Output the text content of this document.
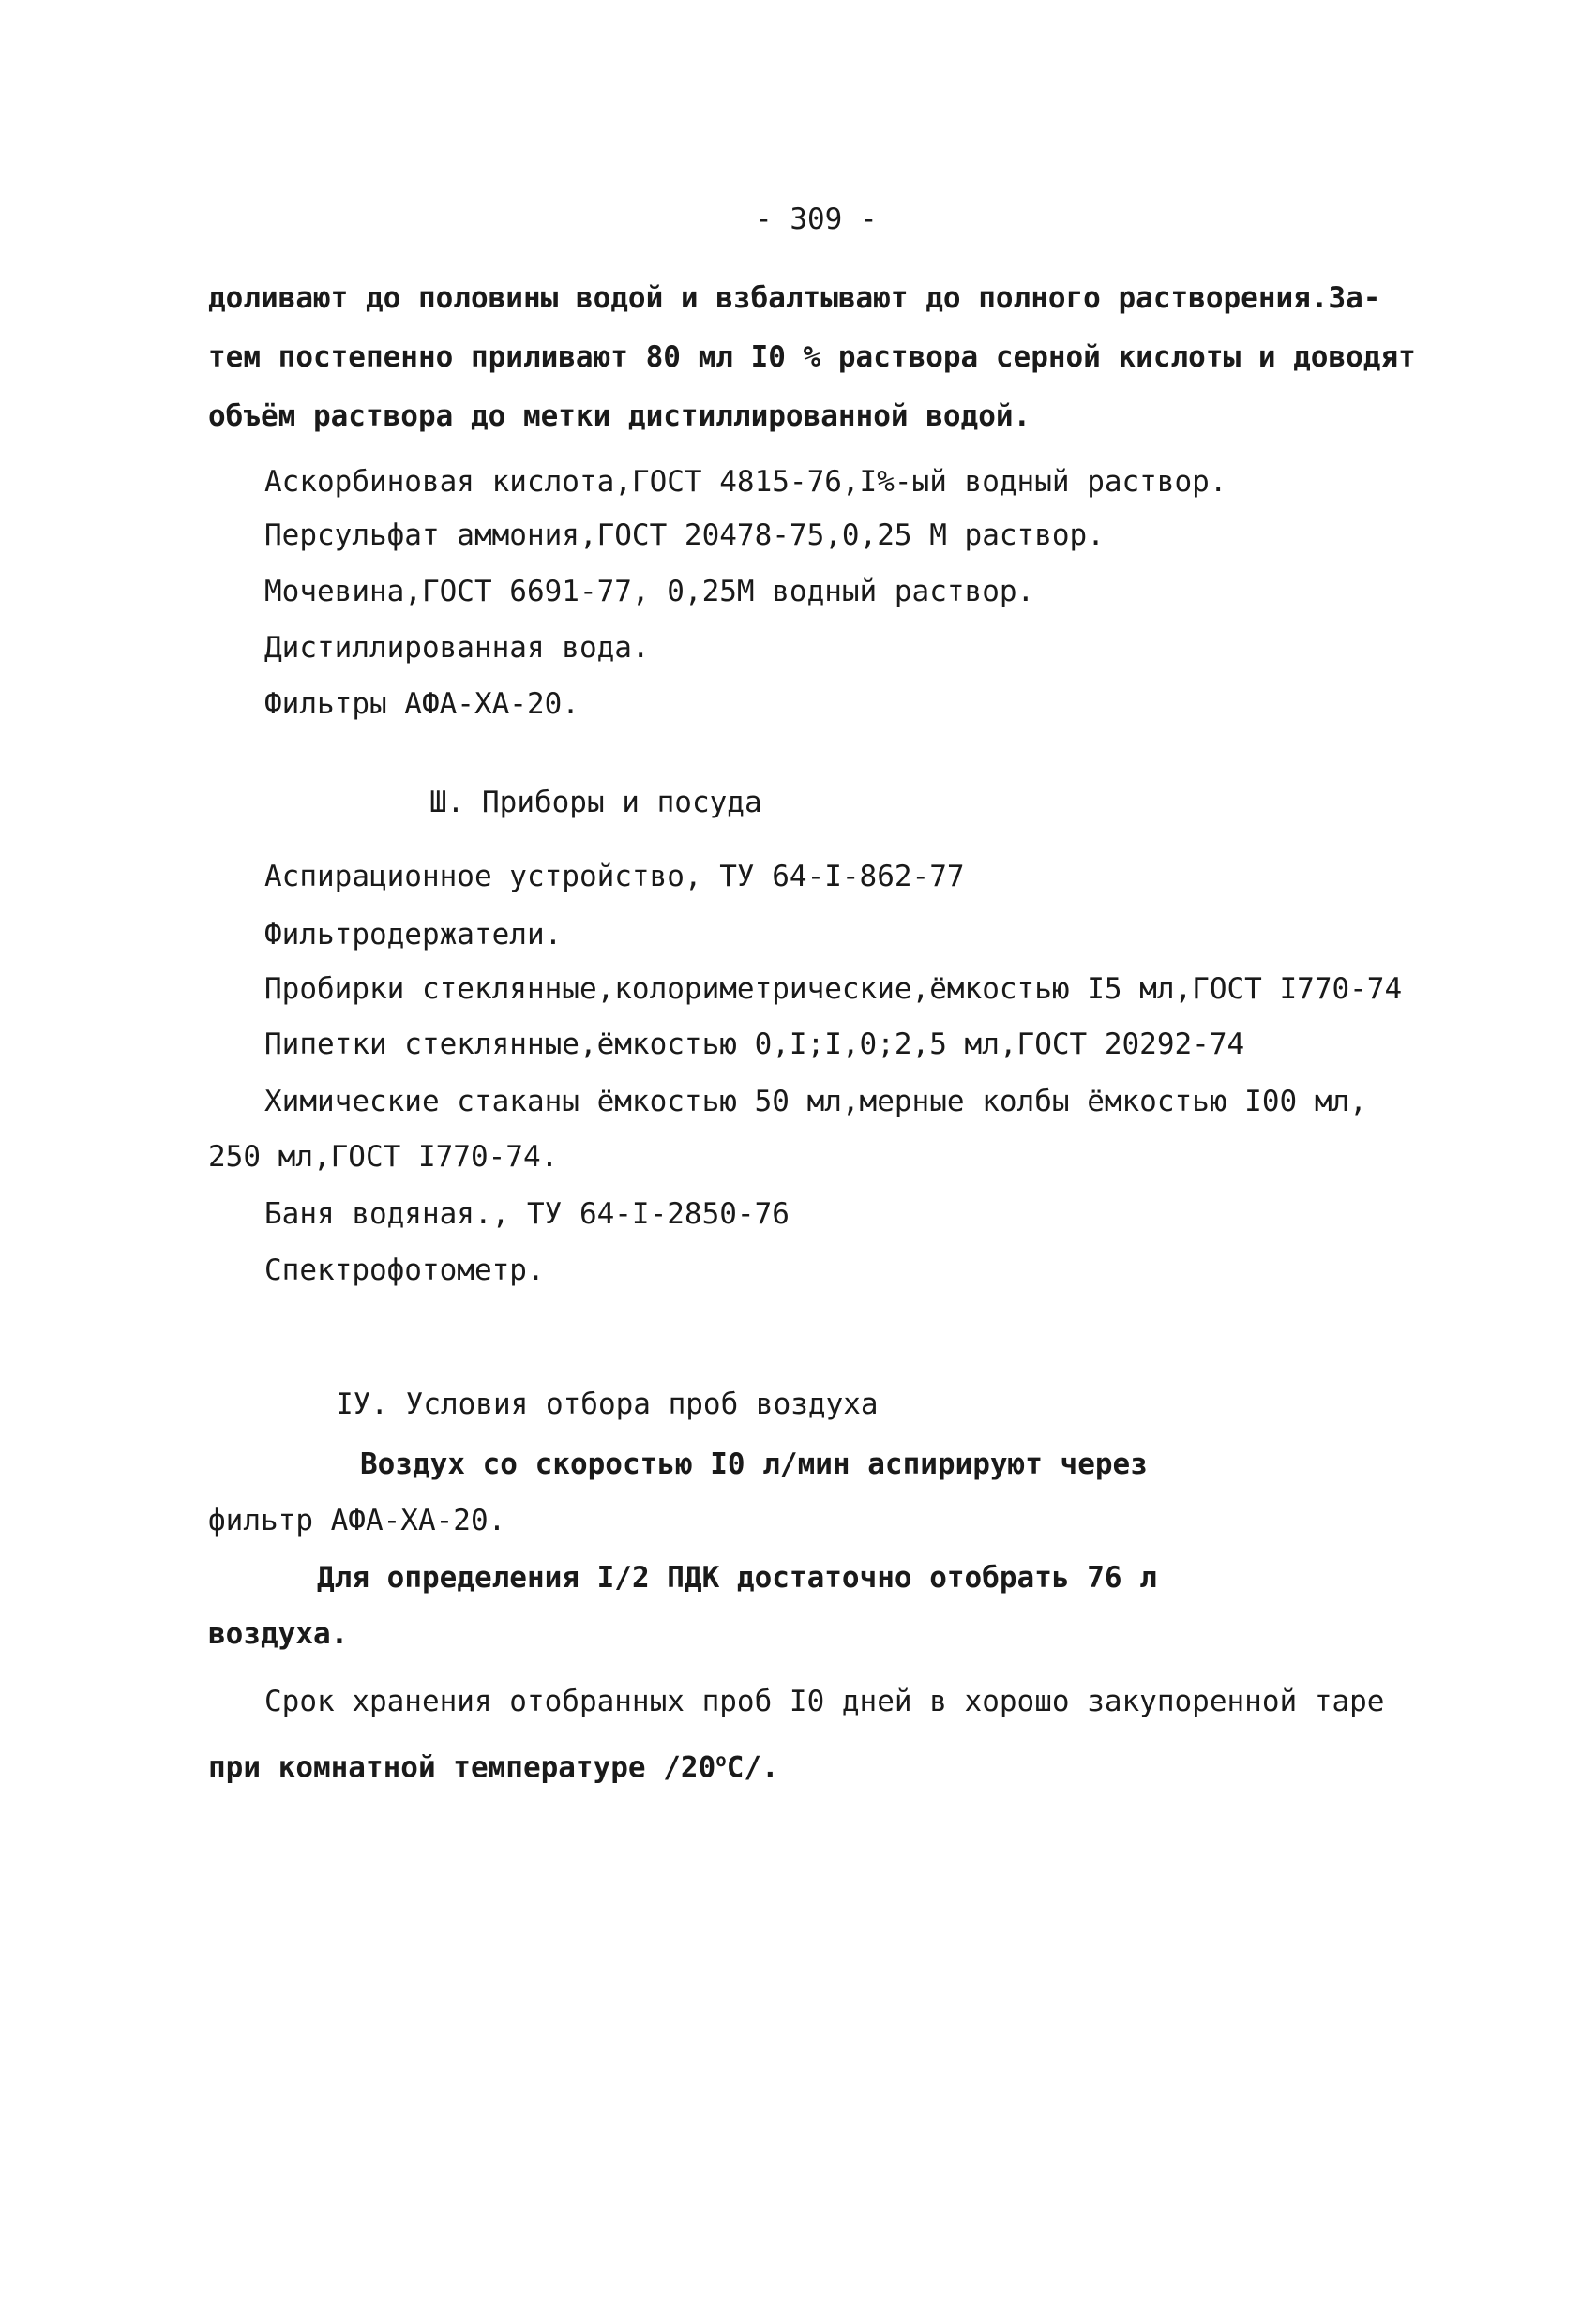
- 309 -
доливают до половины водой и взбалтывают до полного растворения.За-
тем постепенно приливают 80 мл I0 % раствора серной кислоты и доводят
объём раствора до метки дистиллированной водой.
Аскорбиновая кислота,ГОСТ 4815-76,I%-ый водный раствор.
Персульфат аммония,ГОСТ 20478-75,0,25 М раствор.
Мочевина,ГОСТ 6691-77, 0,25М водный раствор.
Дистиллированная вода.
Фильтры АФА-ХА-20.
Ш. Приборы и посуда
Аспирационное устройство, ТУ 64-I-862-77
Фильтродержатели.
Пробирки стеклянные,колориметрические,ёмкостью I5 мл,ГОСТ I770-74
Пипетки стеклянные,ёмкостью 0,I;I,0;2,5 мл,ГОСТ 20292-74
Химические стаканы ёмкостью 50 мл,мерные колбы ёмкостью I00 мл,
250 мл,ГОСТ I770-74.
Баня водяная., ТУ 64-I-2850-76
Спектрофотометр.
ІУ. Условия отбора проб воздуха
Воздух со скоростью I0 л/мин аспирируют через
фильтр АФА-ХА-20.
Для определения I/2 ПДК достаточно отобрать 76 л
воздуха.
Срок хранения отобранных проб I0 дней в хорошо закупоренной таре
при комнатной температуре /20$^o$С/.
